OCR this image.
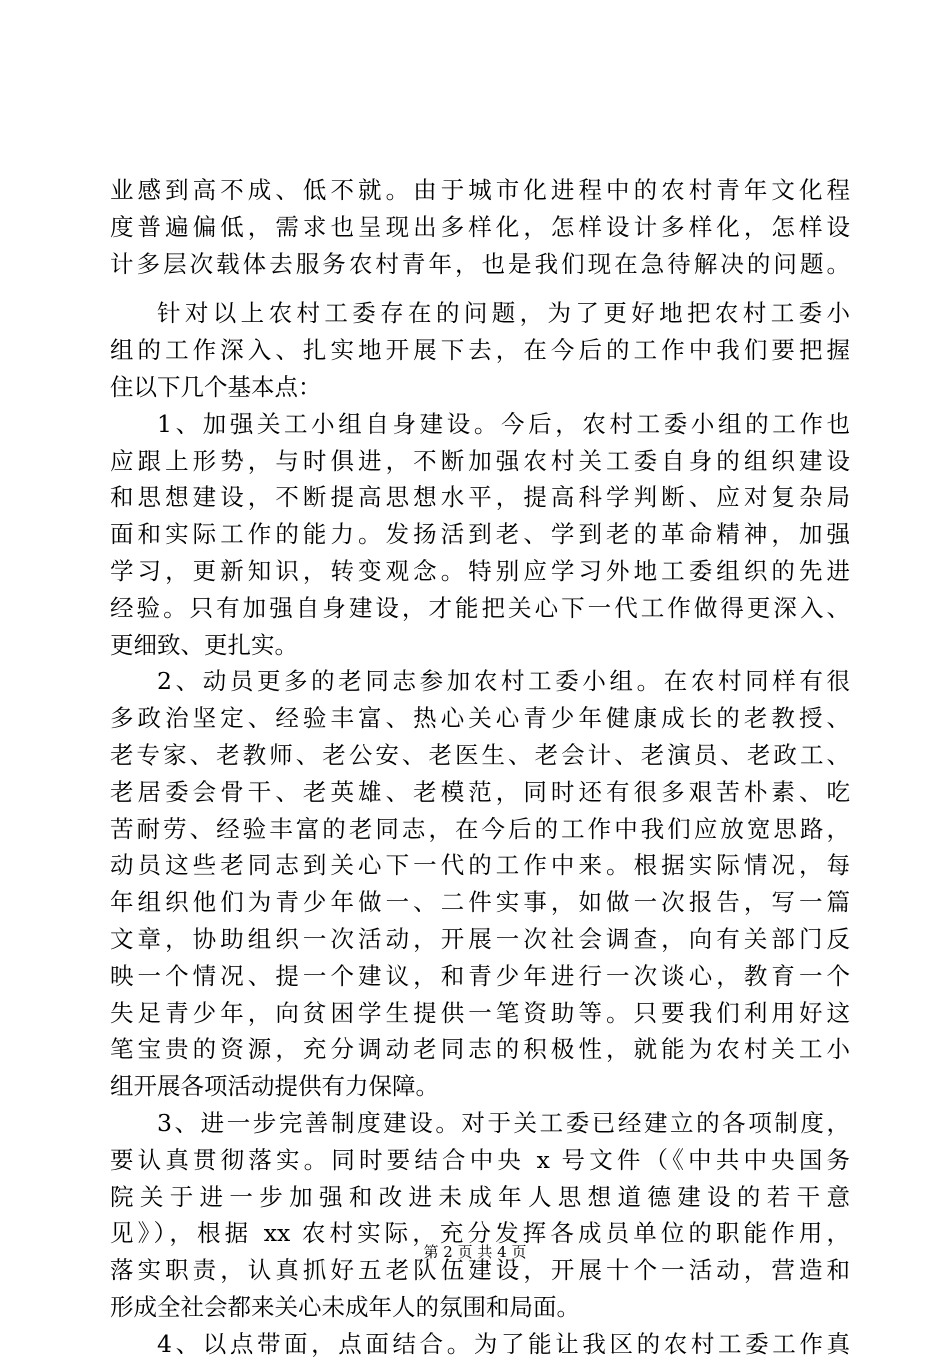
业感到高不成、低不就。由于城市化进程中的农村青年文化程
度普遍偏低，需求也呈现出多样化，怎样设计多样化，怎样设
计多层次载体去服务农村青年，也是我们现在急待解决的问题。
针对以上农村工委存在的问题，为了更好地把农村工委小
组的工作深入、扎实地开展下去，在今后的工作中我们要把握
住以下几个基本点：
1、加强关工小组自身建设。今后，农村工委小组的工作也
应跟上形势，与时俱进，不断加强农村关工委自身的组织建设
和思想建设，不断提高思想水平，提高科学判断、应对复杂局
面和实际工作的能力。发扬活到老、学到老的革命精神，加强
学习，更新知识，转变观念。特别应学习外地工委组织的先进
经验。只有加强自身建设，才能把关心下一代工作做得更深入、
更细致、更扎实。
2、动员更多的老同志参加农村工委小组。在农村同样有很
多政治坚定、经验丰富、热心关心青少年健康成长的老教授、
老专家、老教师、老公安、老医生、老会计、老演员、老政工、
老居委会骨干、老英雄、老模范，同时还有很多艰苦朴素、吃
苦耐劳、经验丰富的老同志，在今后的工作中我们应放宽思路，
动员这些老同志到关心下一代的工作中来。根据实际情况，每
年组织他们为青少年做一、二件实事，如做一次报告，写一篇
文章，协助组织一次活动，开展一次社会调查，向有关部门反
映一个情况、提一个建议，和青少年进行一次谈心，教育一个
失足青少年，向贫困学生提供一笔资助等。只要我们利用好这
笔宝贵的资源，充分调动老同志的积极性，就能为农村关工小
组开展各项活动提供有力保障。
3、进一步完善制度建设。对于关工委已经建立的各项制度，
要认真贯彻落实。同时要结合中央 x 号文件（《中共中央国务
院关于进一步加强和改进未成年人思想道德建设的若干意
见》），根据 xx 农村实际，充分发挥各成员单位的职能作用，
落实职责，认真抓好五老队伍建设，开展十个一活动，营造和
形成全社会都来关心未成年人的氛围和局面。
4、以点带面，点面结合。为了能让我区的农村工委工作真
第 2 页 共 4 页
